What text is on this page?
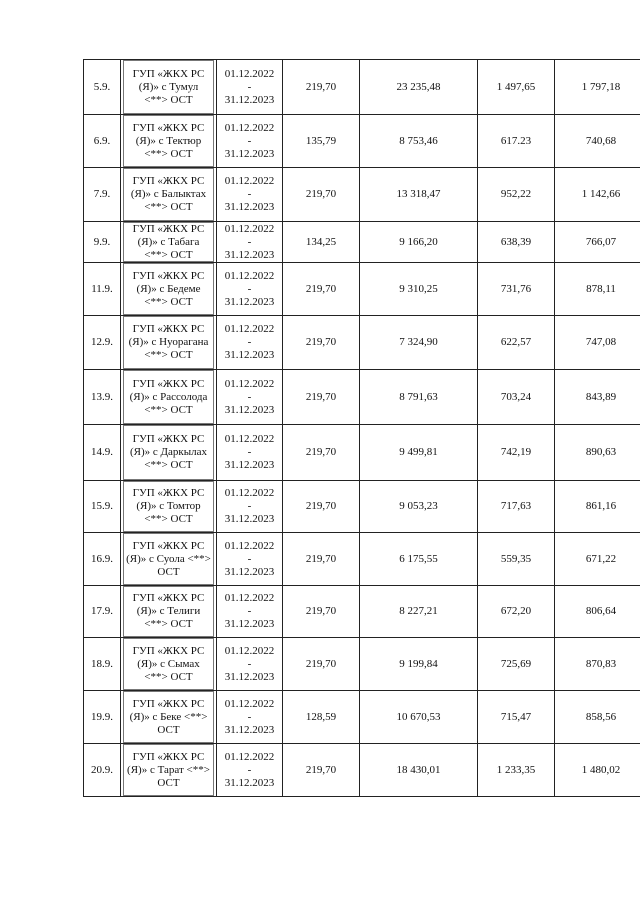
5.9.	ГУП «ЖКХ РС (Я)» с Тумул <**> ОСТ	01.12.2022
-
31.12.2023	219,70	23 235,48	1 497,65	1 797,18
6.9.	ГУП «ЖКХ РС (Я)» с Тектюр <**> ОСТ	01.12.2022
-
31.12.2023	135,79	8 753,46	617.23	740,68
7.9.	ГУП «ЖКХ РС (Я)» с Балыктах <**> ОСТ	01.12.2022
-
31.12.2023	219,70	13 318,47	952,22	1 142,66
9.9.	ГУП «ЖКХ РС (Я)» с Табага <**> ОСТ	01.12.2022
-
31.12.2023	134,25	9 166,20	638,39	766,07
11.9.	ГУП «ЖКХ РС (Я)» с Бедеме <**> ОСТ	01.12.2022
-
31.12.2023	219,70	9 310,25	731,76	878,11
12.9.	ГУП «ЖКХ РС (Я)» с Нуорагана <**> ОСТ	01.12.2022
-
31.12.2023	219,70	7 324,90	622,57	747,08
13.9.	ГУП «ЖКХ РС (Я)» с Рассолода <**> ОСТ	01.12.2022
-
31.12.2023	219,70	8 791,63	703,24	843,89
14.9.	ГУП «ЖКХ РС (Я)» с Даркылах <**> ОСТ	01.12.2022
-
31.12.2023	219,70	9 499,81	742,19	890,63
15.9.	ГУП «ЖКХ РС (Я)» с Томтор <**> ОСТ	01.12.2022
-
31.12.2023	219,70	9 053,23	717,63	861,16
16.9.	ГУП «ЖКХ РС (Я)» с Суола <**> ОСТ	01.12.2022
-
31.12.2023	219,70	6 175,55	559,35	671,22
17.9.	ГУП «ЖКХ РС (Я)» с Телиги <**> ОСТ	01.12.2022
-
31.12.2023	219,70	8 227,21	672,20	806,64
18.9.	ГУП «ЖКХ РС (Я)» с Сымах <**> ОСТ	01.12.2022
-
31.12.2023	219,70	9 199,84	725,69	870,83
19.9.	ГУП «ЖКХ РС (Я)» с Беке <**> ОСТ	01.12.2022
-
31.12.2023	128,59	10 670,53	715,47	858,56
20.9.	ГУП «ЖКХ РС (Я)» с Тарат <**> ОСТ	01.12.2022
-
31.12.2023	219,70	18 430,01	1 233,35	1 480,02
